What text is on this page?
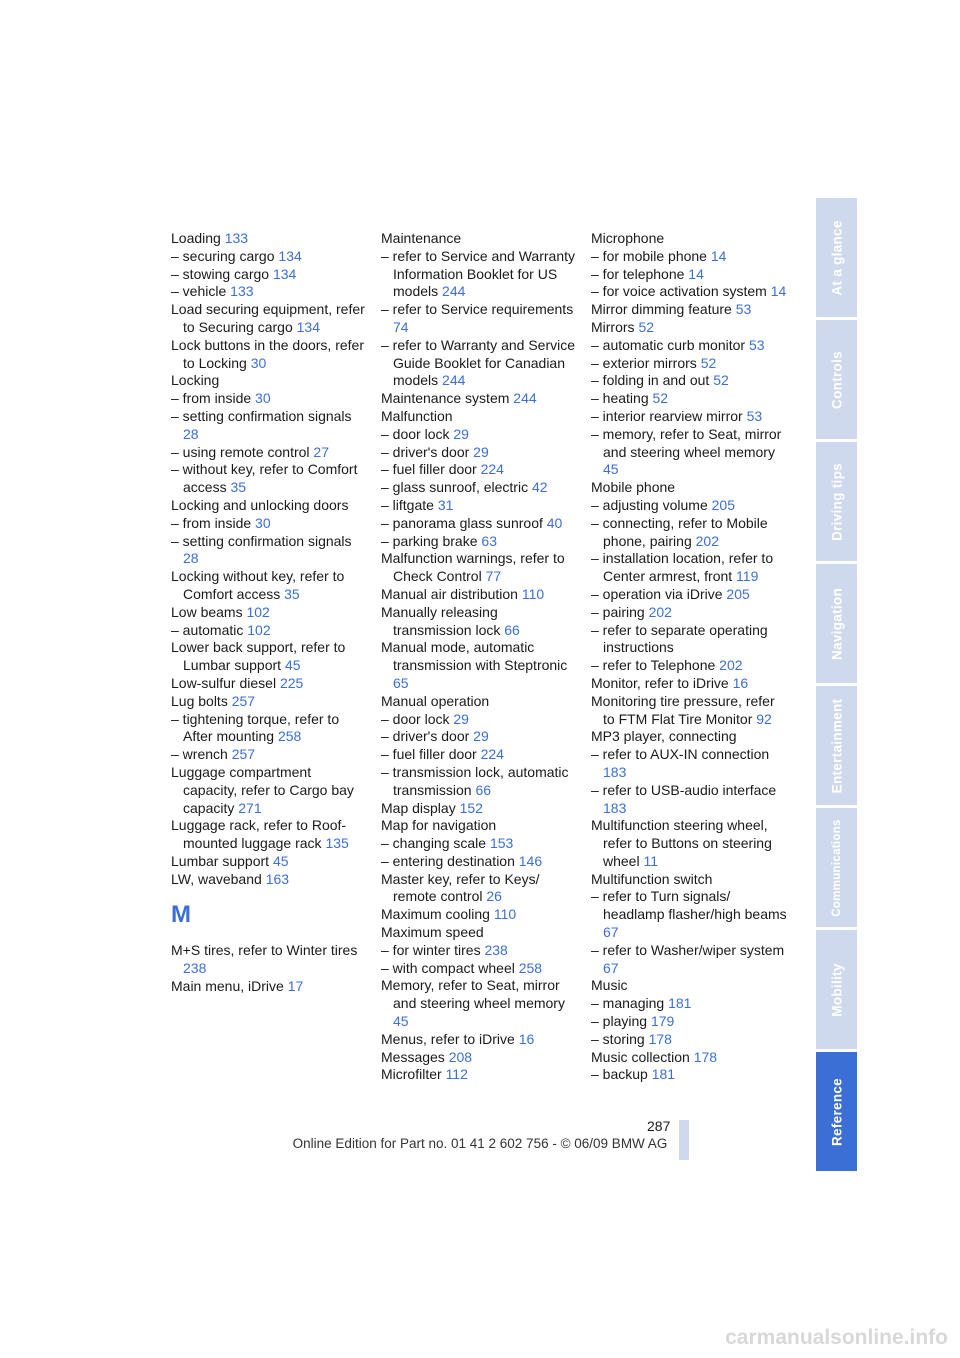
Loading 133
– securing cargo 134
– stowing cargo 134
– vehicle 133
Load securing equipment, refer to Securing cargo 134
Lock buttons in the doors, refer to Locking 30
Locking
– from inside 30
– setting confirmation signals 28
– using remote control 27
– without key, refer to Comfort access 35
Locking and unlocking doors
– from inside 30
– setting confirmation signals 28
Locking without key, refer to Comfort access 35
Low beams 102
– automatic 102
Lower back support, refer to Lumbar support 45
Low-sulfur diesel 225
Lug bolts 257
– tightening torque, refer to After mounting 258
– wrench 257
Luggage compartment capacity, refer to Cargo bay capacity 271
Luggage rack, refer to Roof-mounted luggage rack 135
Lumbar support 45
LW, waveband 163
M
M+S tires, refer to Winter tires 238
Main menu, iDrive 17
Maintenance
– refer to Service and Warranty Information Booklet for US models 244
– refer to Service requirements 74
– refer to Warranty and Service Guide Booklet for Canadian models 244
Maintenance system 244
Malfunction
– door lock 29
– driver's door 29
– fuel filler door 224
– glass sunroof, electric 42
– liftgate 31
– panorama glass sunroof 40
– parking brake 63
Malfunction warnings, refer to Check Control 77
Manual air distribution 110
Manually releasing transmission lock 66
Manual mode, automatic transmission with Steptronic 65
Manual operation
– door lock 29
– driver's door 29
– fuel filler door 224
– transmission lock, automatic transmission 66
Map display 152
Map for navigation
– changing scale 153
– entering destination 146
Master key, refer to Keys/ remote control 26
Maximum cooling 110
Maximum speed
– for winter tires 238
– with compact wheel 258
Memory, refer to Seat, mirror and steering wheel memory 45
Menus, refer to iDrive 16
Messages 208
Microfilter 112
Microphone
– for mobile phone 14
– for telephone 14
– for voice activation system 14
Mirror dimming feature 53
Mirrors 52
– automatic curb monitor 53
– exterior mirrors 52
– folding in and out 52
– heating 52
– interior rearview mirror 53
– memory, refer to Seat, mirror and steering wheel memory 45
Mobile phone
– adjusting volume 205
– connecting, refer to Mobile phone, pairing 202
– installation location, refer to Center armrest, front 119
– operation via iDrive 205
– pairing 202
– refer to separate operating instructions
– refer to Telephone 202
Monitor, refer to iDrive 16
Monitoring tire pressure, refer to FTM Flat Tire Monitor 92
MP3 player, connecting
– refer to AUX-IN connection 183
– refer to USB-audio interface 183
Multifunction steering wheel, refer to Buttons on steering wheel 11
Multifunction switch
– refer to Turn signals/ headlamp flasher/high beams 67
– refer to Washer/wiper system 67
Music
– managing 181
– playing 179
– storing 178
Music collection 178
– backup 181
At a glance
Controls
Driving tips
Navigation
Entertainment
Communications
Mobility
Reference
287
Online Edition for Part no. 01 41 2 602 756 - © 06/09 BMW AG
carmanualsonline.info
